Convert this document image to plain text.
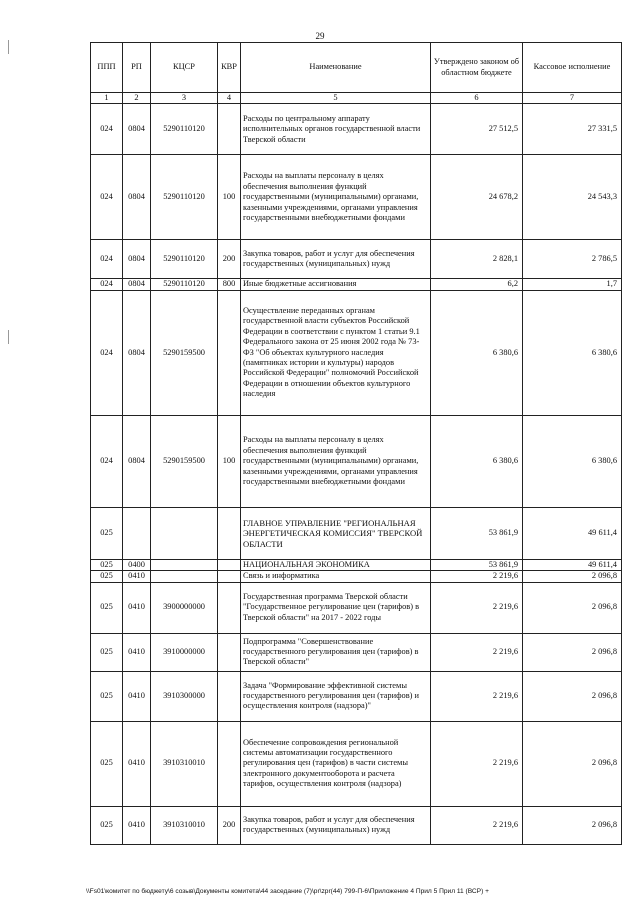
29
ППП	РП	КЦСР	КВР	Наименование	Утверждено законом об областном бюджете	Кассовое исполнение
1	2	3	4	5	6	7
024	0804	5290110120		Расходы по центральному аппарату исполнительных органов государственной власти Тверской области	27 512,5	27 331,5
024	0804	5290110120	100	Расходы на выплаты персоналу в целях обеспечения выполнения функций государственными (муниципальными) органами, казенными учреждениями, органами управления государственными внебюджетными фондами	24 678,2	24 543,3
024	0804	5290110120	200	Закупка товаров, работ и услуг для обеспечения государственных (муниципальных) нужд	2 828,1	2 786,5
024	0804	5290110120	800	Иные бюджетные ассигнования	6,2	1,7
024	0804	5290159500		Осуществление переданных органам государственной власти субъектов Российской Федерации в соответствии с пунктом 1 статьи 9.1 Федерального закона от 25 июня 2002 года № 73-ФЗ "Об объектах культурного наследия (памятниках истории и культуры) народов Российской Федерации" полномочий Российской Федерации в отношении объектов культурного наследия	6 380,6	6 380,6
024	0804	5290159500	100	Расходы на выплаты персоналу в целях обеспечения выполнения функций государственными (муниципальными) органами, казенными учреждениями, органами управления государственными внебюджетными фондами	6 380,6	6 380,6
025				ГЛАВНОЕ УПРАВЛЕНИЕ "РЕГИОНАЛЬНАЯ ЭНЕРГЕТИЧЕСКАЯ КОМИССИЯ" ТВЕРСКОЙ ОБЛАСТИ	53 861,9	49 611,4
025	0400			НАЦИОНАЛЬНАЯ ЭКОНОМИКА	53 861,9	49 611,4
025	0410			Связь и информатика	2 219,6	2 096,8
025	0410	3900000000		Государственная программа Тверской области "Государственное регулирование цен (тарифов) в Тверской области" на 2017 - 2022 годы	2 219,6	2 096,8
025	0410	3910000000		Подпрограмма "Совершенствование государственного регулирования цен (тарифов) в Тверской области"	2 219,6	2 096,8
025	0410	3910300000		Задача "Формирование эффективной системы государственного регулирования цен (тарифов) и осуществления контроля (надзора)"	2 219,6	2 096,8
025	0410	3910310010		Обеспечение сопровождения региональной системы автоматизации государственного регулирования цен (тарифов) в части системы электронного документооборота и расчета тарифов, осуществления контроля (надзора)	2 219,6	2 096,8
025	0410	3910310010	200	Закупка товаров, работ и услуг для обеспечения государственных (муниципальных) нужд	2 219,6	2 096,8
\\Fs01\комитет по бюджету\6 созыв\Документы комитета\44 заседание (7)\pr\zpr(44) 799-П-6\Приложение 4 Прил 5 Прил 11 (ВСР) +
